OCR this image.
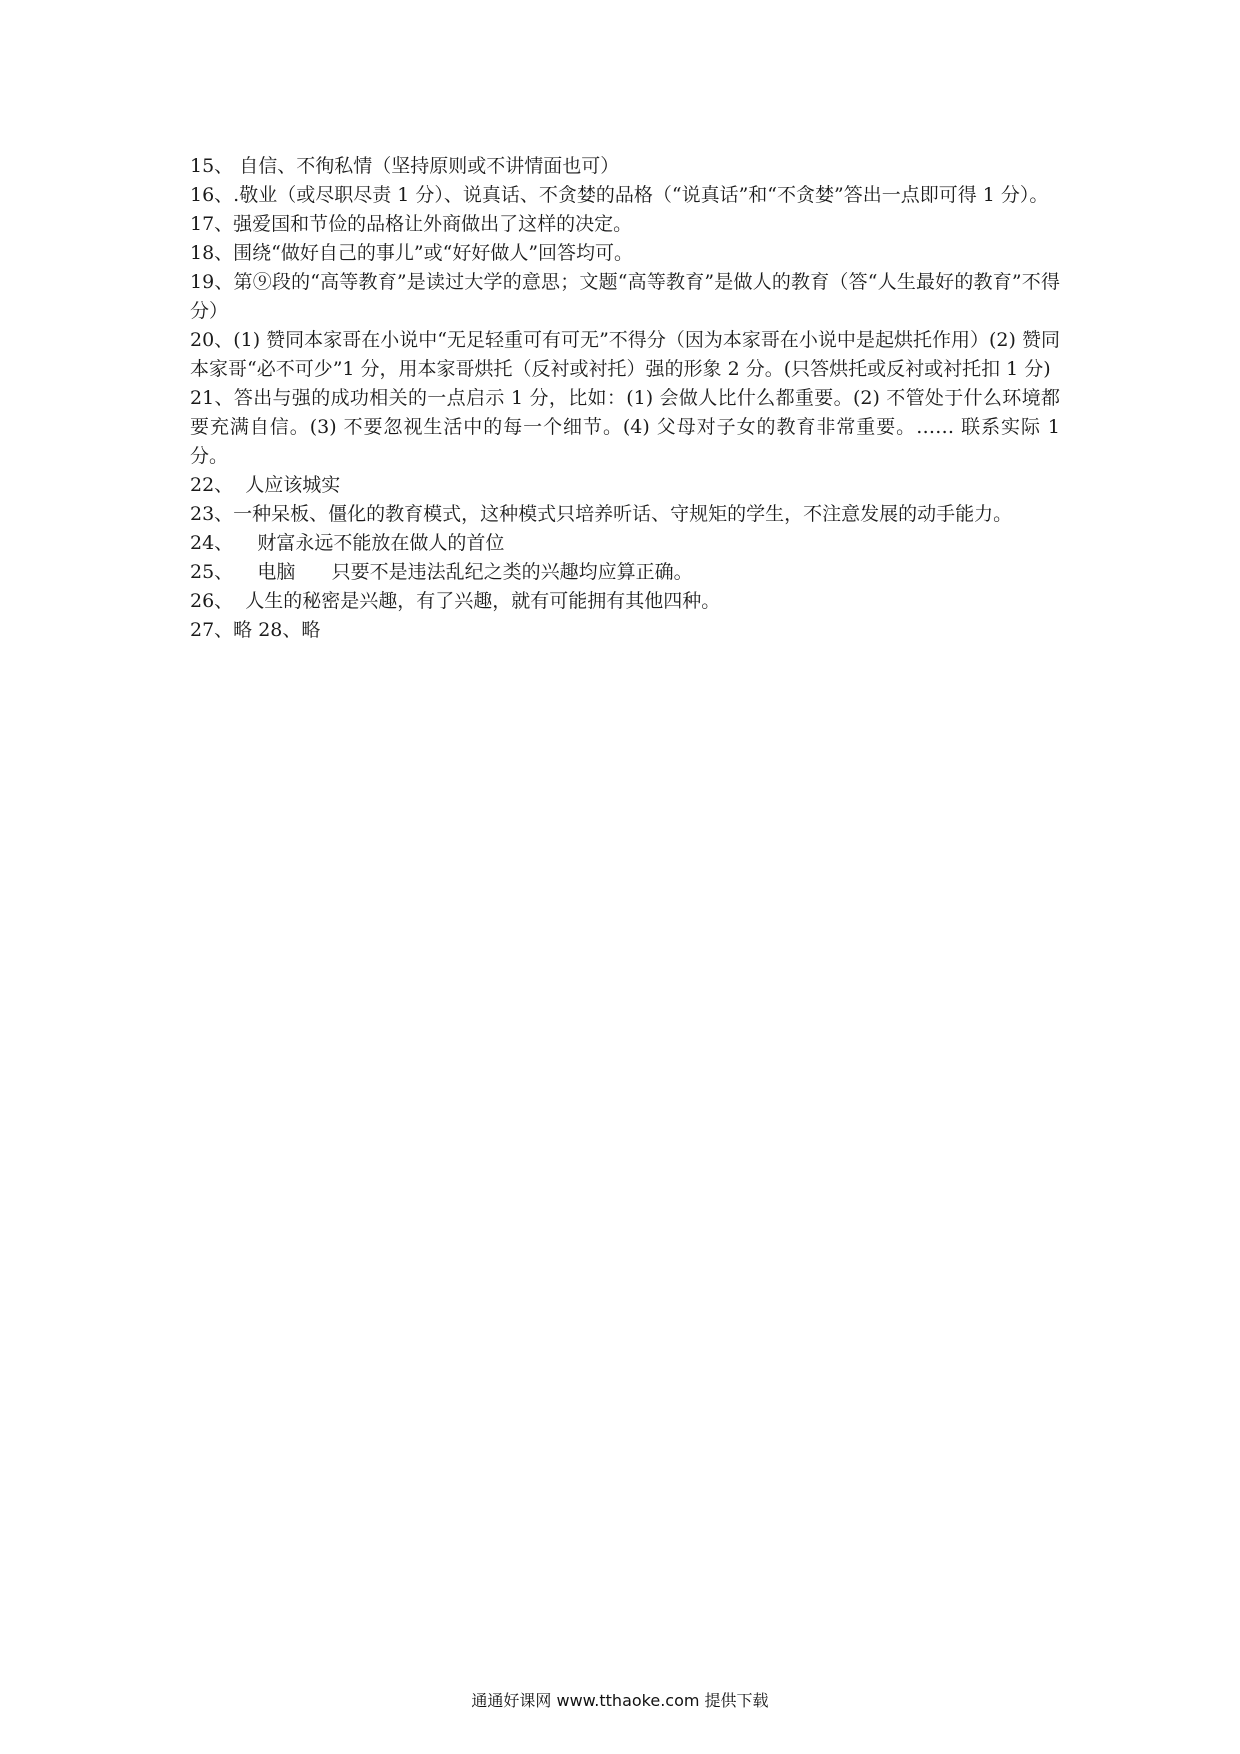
15、 自信、不徇私情（坚持原则或不讲情面也可）
16、.敬业（或尽职尽责 1 分）、说真话、不贪婪的品格（“说真话”和“不贪婪”答出一点即可得 1 分）。
17、强爱国和节俭的品格让外商做出了这样的决定。
18、围绕“做好自己的事儿”或“好好做人”回答均可。
19、第⑨段的“高等教育”是读过大学的意思；文题“高等教育”是做人的教育（答“人生最好的教育”不得分）
20、(1) 赞同本家哥在小说中“无足轻重可有可无”不得分（因为本家哥在小说中是起烘托作用）(2) 赞同本家哥“必不可少”1 分，用本家哥烘托（反衬或衬托）强的形象 2 分。(只答烘托或反衬或衬托扣 1 分)
21、答出与强的成功相关的一点启示 1 分，比如：(1) 会做人比什么都重要。(2) 不管处于什么环境都要充满自信。(3) 不要忽视生活中的每一个细节。(4) 父母对子女的教育非常重要。…… 联系实际 1 分。
22、  人应该城实
23、一种呆板、僵化的教育模式，这种模式只培养听话、守规矩的学生，不注意发展的动手能力。
24、    财富永远不能放在做人的首位
25、    电脑      只要不是违法乱纪之类的兴趣均应算正确。
26、  人生的秘密是兴趣，有了兴趣，就有可能拥有其他四种。
27、略 28、略
通通好课网 www.tthaoke.com 提供下载
